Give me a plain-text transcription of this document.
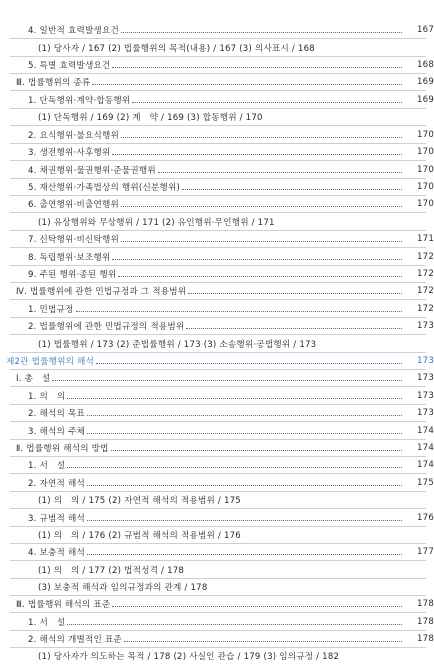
4. 일반적 효력발생요건	167
(1) 당사자 / 167 (2) 법률행위의 목적(내용) / 167 (3) 의사표시 / 168
5. 특별 효력발생요건	168
Ⅲ. 법률행위의 종류	169
1. 단독행위·계약·합동행위	169
(1) 단독행위 / 169 (2) 계　약 / 169 (3) 합동행위 / 170
2. 요식행위·불요식행위	170
3. 생전행위·사후행위	170
4. 채권행위·물권행위·준물권행위	170
5. 재산행위·가족법상의 행위(신분행위)	170
6. 출연행위·비출연행위	170
(1) 유상행위와 무상행위 / 171 (2) 유인행위·무인행위 / 171
7. 신탁행위·비신탁행위	171
8. 독립행위·보조행위	172
9. 주된 행위·종된 행위	172
Ⅳ. 법률행위에 관한 민법규정과 그 적용범위	172
1. 민법규정	172
2. 법률행위에 관한 민법규정의 적용범위	173
(1) 법률행위 / 173 (2) 준법률행위 / 173 (3) 소송행위·공법행위 / 173
제2관 법률행위의 해석	173
Ⅰ. 총　설	173
1. 의　의	173
2. 해석의 목표	173
3. 해석의 주체	174
Ⅱ. 법률행위 해석의 방법	174
1. 서　설	174
2. 자연적 해석	175
(1) 의　의 / 175 (2) 자연적 해석의 적용범위 / 175
3. 규범적 해석	176
(1) 의　의 / 176 (2) 규범적 해석의 적용범위 / 176
4. 보충적 해석	177
(1) 의　의 / 177 (2) 법적성격 / 178
(3) 보충적 해석과 임의규정과의 관계 / 178
Ⅲ. 법률행위 해석의 표준	178
1. 서　설	178
2. 해석의 개별적인 표준	178
(1) 당사자가 의도하는 목적 / 178 (2) 사실인 관습 / 179 (3) 임의규정 / 182
